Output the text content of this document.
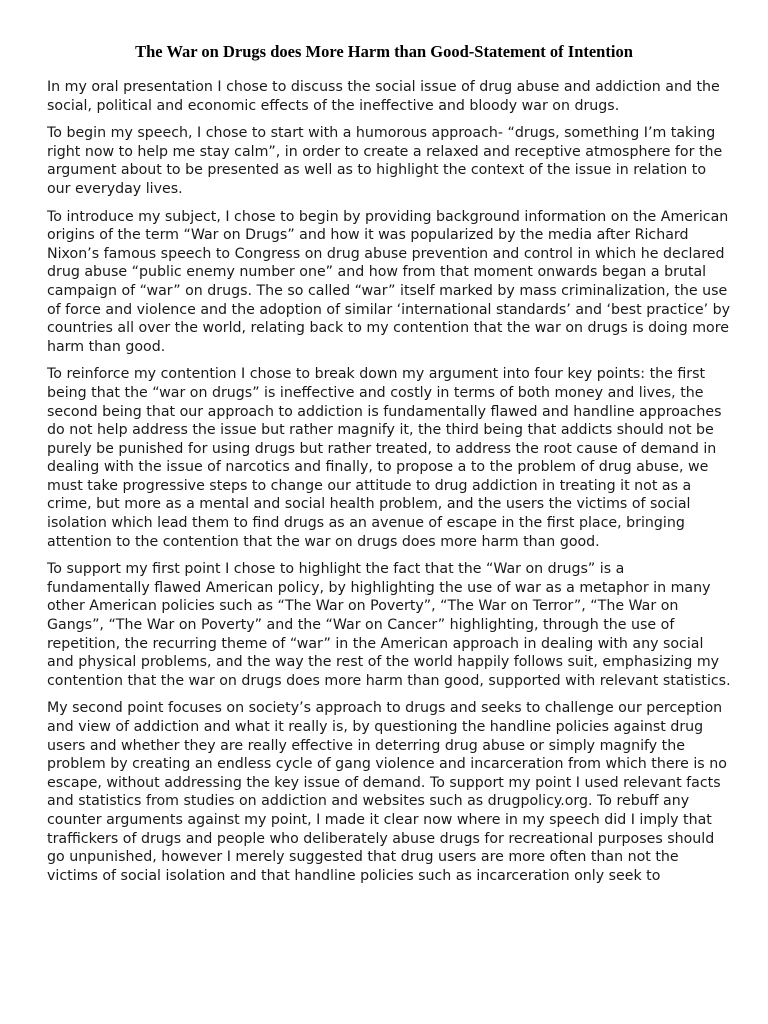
The War on Drugs does More Harm than Good-Statement of Intention

In my oral presentation I chose to discuss the social issue of drug abuse and addiction and the social, political and economic effects of the ineffective and bloody war on drugs.

To begin my speech, I chose to start with a humorous approach- “drugs, something I’m taking right now to help me stay calm”, in order to create a relaxed and receptive atmosphere for the argument about to be presented as well as to highlight the context of the issue in relation to our everyday lives.

To introduce my subject, I chose to begin by providing background information on the American origins of the term “War on Drugs” and how it was popularized by the media after Richard Nixon’s famous speech to Congress on drug abuse prevention and control in which he declared drug abuse “public enemy number one” and how from that moment onwards began a brutal campaign of “war” on drugs. The so called “war” itself marked by mass criminalization, the use of force and violence and the adoption of similar ‘international standards’ and ‘best practice’ by countries all over the world, relating back to my contention that the war on drugs is doing more harm than good.

To reinforce my contention I chose to break down my argument into four key points: the first being that the “war on drugs” is ineffective and costly in terms of both money and lives, the second being that our approach to addiction is fundamentally flawed and handline approaches do not help address the issue but rather magnify it, the third being that addicts should not be purely be punished for using drugs but rather treated, to address the root cause of demand in dealing with the issue of narcotics and finally, to propose a to the problem of drug abuse, we must take progressive steps to change our attitude to drug addiction in treating it not as a crime, but more as a mental and social health problem, and the users the victims of social isolation which lead them to find drugs as an avenue of escape in the first place, bringing attention to the contention that the war on drugs does more harm than good.

To support my first point I chose to highlight the fact that the “War on drugs” is a fundamentally flawed American policy, by highlighting the use of war as a metaphor in many other American policies such as “The War on Poverty”, “The War on Terror”, “The War on Gangs”, “The War on Poverty” and the “War on Cancer” highlighting, through the use of repetition, the recurring theme of “war” in the American approach in dealing with any social and physical problems, and the way the rest of the world happily follows suit, emphasizing my contention that the war on drugs does more harm than good, supported with relevant statistics.

My second point focuses on society’s approach to drugs and seeks to challenge our perception and view of addiction and what it really is, by questioning the handline policies against drug users and whether they are really effective in deterring drug abuse or simply magnify the problem by creating an endless cycle of gang violence and incarceration from which there is no escape, without addressing the key issue of demand. To support my point I used relevant facts and statistics from studies on addiction and websites such as drugpolicy.org. To rebuff any counter arguments against my point, I made it clear now where in my speech did I imply that traffickers of drugs and people who deliberately abuse drugs for recreational purposes should go unpunished, however I merely suggested that drug users are more often than not the victims of social isolation and that handline policies such as incarceration only seek to
